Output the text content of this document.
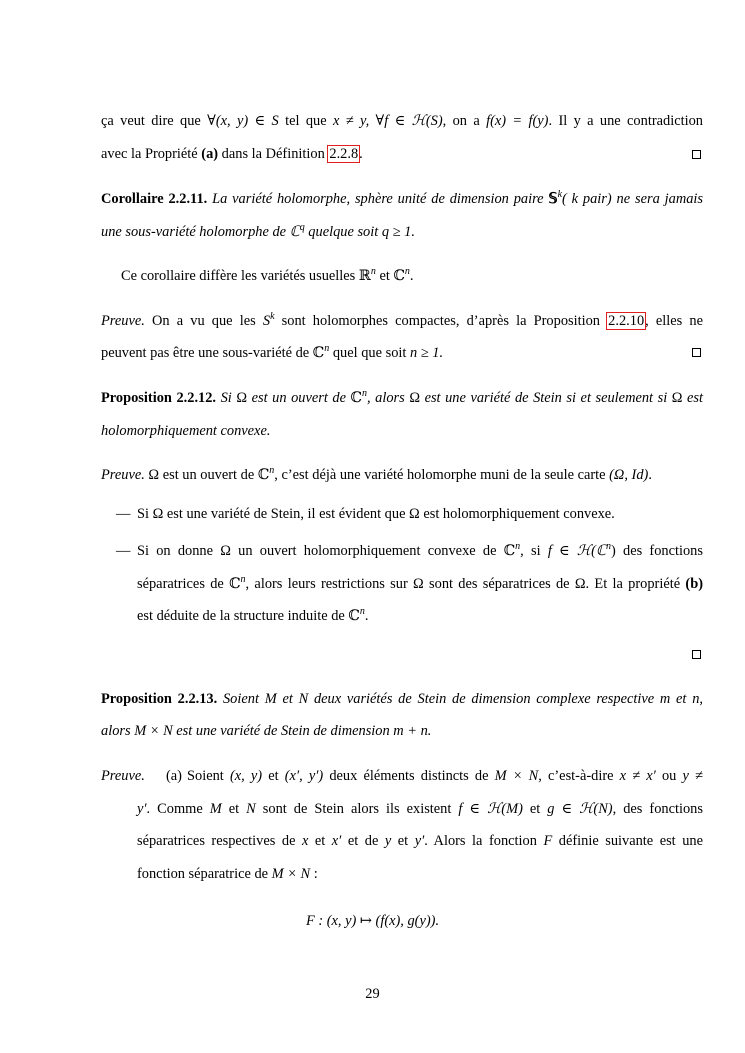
ça veut dire que ∀(x, y) ∈ S tel que x ≠ y, ∀f ∈ ℋ(S), on a f(x) = f(y). Il y a une contradiction
avec la Propriété (a) dans la Définition 2.2.8.
Corollaire 2.2.11. La variété holomorphe, sphère unité de dimension paire 𝕊$^k$( k pair) ne sera jamais
une sous-variété holomorphe de ℂ$^q$ quelque soit q ≥ 1.
Ce corollaire diffère les variétés usuelles ℝ$^n$ et ℂ$^n$.
Preuve. On a vu que les $S^k$ sont holomorphes compactes, d’après la Proposition 2.2.10, elles ne
peuvent pas être une sous-variété de ℂ$^n$ quel que soit n ≥ 1.
Proposition 2.2.12. Si Ω est un ouvert de ℂ$^n$, alors Ω est une variété de Stein si et seulement si Ω est
holomorphiquement convexe.
Preuve. Ω est un ouvert de ℂ$^n$, c’est déjà une variété holomorphe muni de la seule carte (Ω, Id).
— Si Ω est une variété de Stein, il est évident que Ω est holomorphiquement convexe.
— Si on donne Ω un ouvert holomorphiquement convexe de ℂ$^n$, si f ∈ ℋ(ℂ$^n$) des fonctions
séparatrices de ℂ$^n$, alors leurs restrictions sur Ω sont des séparatrices de Ω. Et la propriété (b)
est déduite de la structure induite de ℂ$^n$.
Proposition 2.2.13. Soient M et N deux variétés de Stein de dimension complexe respective m et n,
alors M × N est une variété de Stein de dimension m + n.
Preuve. (a) Soient (x, y) et (x′, y′) deux éléments distincts de M × N, c’est-à-dire x ≠ x′ ou y ≠
y′. Comme M et N sont de Stein alors ils existent f ∈ ℋ(M) et g ∈ ℋ(N), des fonctions
séparatrices respectives de x et x′ et de y et y′. Alors la fonction F définie suivante est une
fonction séparatrice de M × N :
F : (x, y) ↦ (f(x), g(y)).
29
